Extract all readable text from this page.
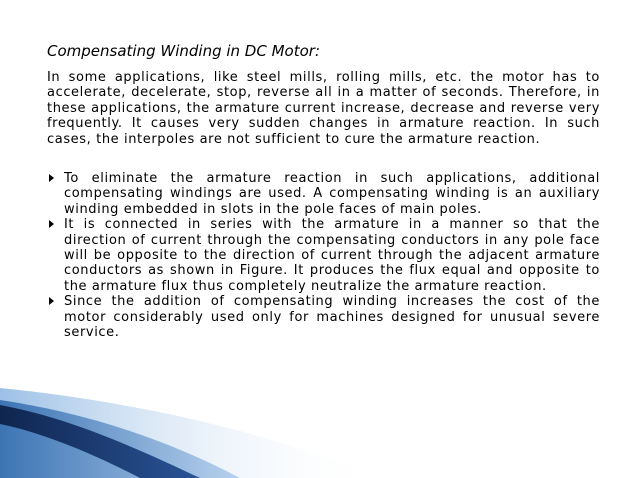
Compensating Winding in DC Motor:
In some applications, like steel mills, rolling mills, etc. the motor has to accelerate, decelerate, stop, reverse all in a matter of seconds. Therefore, in these applications, the armature current increase, decrease and reverse very frequently. It causes very sudden changes in armature reaction. In such cases, the interpoles are not sufficient to cure the armature reaction.
To eliminate the armature reaction in such applications, additional compensating windings are used. A compensating winding is an auxiliary winding embedded in slots in the pole faces of main poles.
It is connected in series with the armature in a manner so that the direction of current through the compensating conductors in any pole face will be opposite to the direction of current through the adjacent armature conductors as shown in Figure. It produces the flux equal and opposite to the armature flux thus completely neutralize the armature reaction.
Since the addition of compensating winding increases the cost of the motor considerably used only for machines designed for unusual severe service.
